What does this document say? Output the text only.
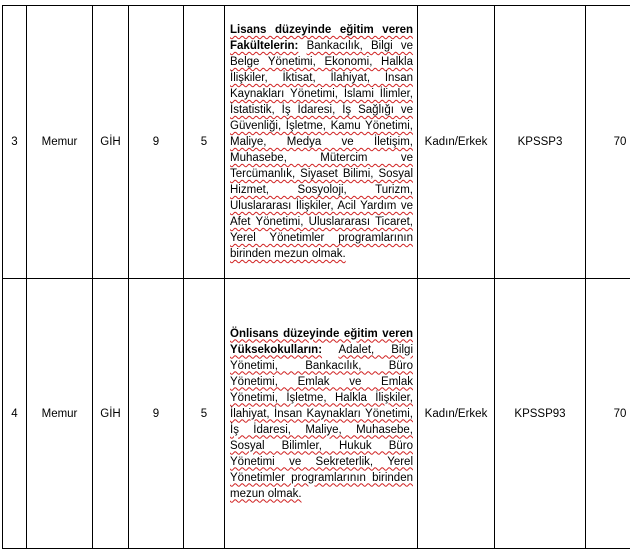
3	Memur	GİH	9	5	Lisans düzeyinde eğitim veren Fakültelerin: Bankacılık, Bilgi ve Belge Yönetimi, Ekonomi, Halkla İlişkiler, İktisat, İlahiyat, İnsan Kaynakları Yönetimi, İslami İlimler, İstatistik, İş İdaresi, İş Sağlığı ve Güvenliği, İşletme, Kamu Yönetimi, Maliye, Medya ve İletişim, Muhasebe, Mütercim ve Tercümanlık, Siyaset Bilimi, Sosyal Hizmet, Sosyoloji, Turizm, Uluslararası İlişkiler, Acil Yardım ve Afet Yönetimi, Uluslararası Ticaret, Yerel Yönetimler programlarının birinden mezun olmak.	Kadın/Erkek	KPSSP3	70
4	Memur	GİH	9	5	Önlisans düzeyinde eğitim veren Yüksekokulların: Adalet, Bilgi Yönetimi, Bankacılık, Büro Yönetimi, Emlak ve Emlak Yönetimi, İşletme, Halkla İlişkiler, İlahiyat, İnsan Kaynakları Yönetimi, İş İdaresi, Maliye, Muhasebe, Sosyal Bilimler, Hukuk Büro Yönetimi ve Sekreterlik, Yerel Yönetimler programlarının birinden mezun olmak.	Kadın/Erkek	KPSSP93	70
